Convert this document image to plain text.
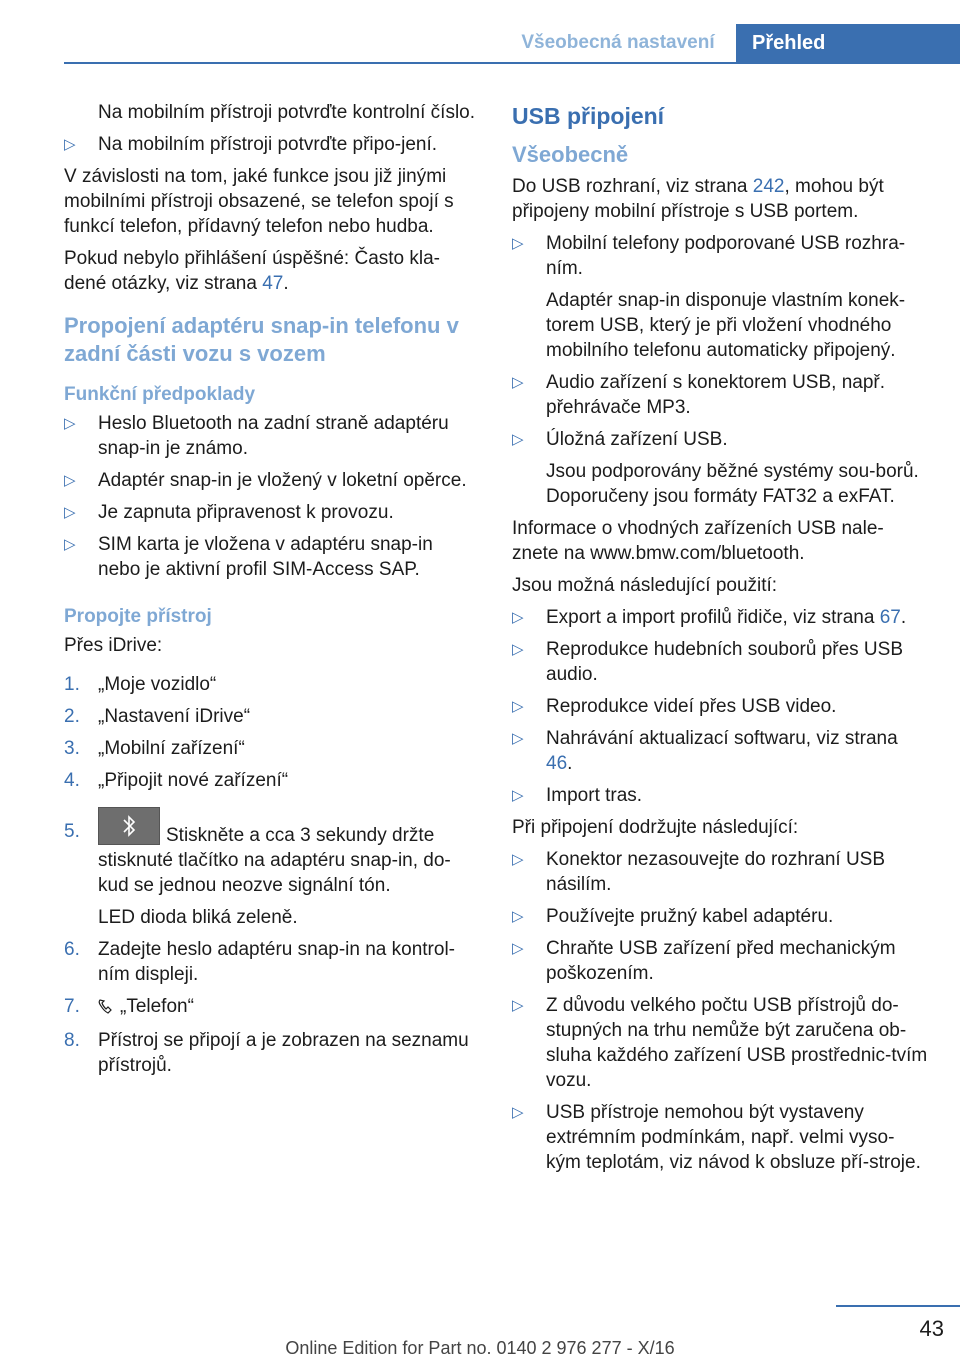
Všeobecná nastavení	Přehled

Na mobilním přístroji potvrďte kontrolní číslo.

▷ Na mobilním přístroji potvrďte připo‐jení.

V závislosti na tom, jaké funkce jsou již jinými mobilními přístroji obsazené, se telefon spojí s funkcí telefon, přídavný telefon nebo hudba.

Pokud nebylo přihlášení úspěšné: Často kla‐dené otázky, viz strana 47.

Propojení adaptéru snap-in telefonu v zadní části vozu s vozem
Funkční předpoklady
▷ Heslo Bluetooth na zadní straně adaptéru snap-in je známo.
▷ Adaptér snap-in je vložený v loketní opěrce.
▷ Je zapnuta připravenost k provozu.
▷ SIM karta je vložena v adaptéru snap-in nebo je aktivní profil SIM-Access SAP.
Propojte přístroj

Přes iDrive:

1. „Moje vozidlo“
2. „Nastavení iDrive“
3. „Mobilní zařízení“
4. „Připojit nové zařízení“
5.	Stiskněte a cca 3 sekundy držte stisknuté tlačítko na adaptéru snap-in, do‐kud se jednou neozve signální tón.

LED dioda bliká zeleně.

6. Zadejte heslo adaptéru snap-in na kontrol‐ním displeji.
7. „Telefon“
8. Přístroj se připojí a je zobrazen na seznamu přístrojů.
USB připojení
Všeobecně

Do USB rozhraní, viz strana 242, mohou být připojeny mobilní přístroje s USB portem.

▷ Mobilní telefony podporované USB rozhra‐ním.

Adaptér snap-in disponuje vlastním konek‐torem USB, který je při vložení vhodného mobilního telefonu automaticky připojený.

▷ Audio zařízení s konektorem USB, např. přehrávače MP3.
▷ Úložná zařízení USB.

Jsou podporovány běžné systémy sou‐borů. Doporučeny jsou formáty FAT32 a exFAT.

Informace o vhodných zařízeních USB nale‐znete na www.bmw.com/bluetooth.

Jsou možná následující použití:

▷ Export a import profilů řidiče, viz strana 67.
▷ Reprodukce hudebních souborů přes USB audio.
▷ Reprodukce videí přes USB video.
▷ Nahrávání aktualizací softwaru, viz strana 46.
▷ Import tras.

Při připojení dodržujte následující:

▷ Konektor nezasouvejte do rozhraní USB násilím.
▷ Používejte pružný kabel adaptéru.
▷ Chraňte USB zařízení před mechanickým poškozením.
▷ Z důvodu velkého počtu USB přístrojů do‐stupných na trhu nemůže být zaručena ob‐sluha každého zařízení USB prostřednic‐tvím vozu.
▷ USB přístroje nemohou být vystaveny extrémním podmínkám, např. velmi vyso‐kým teplotám, viz návod k obsluze pří‐stroje.
43
Online Edition for Part no. 0140 2 976 277 - X/16
